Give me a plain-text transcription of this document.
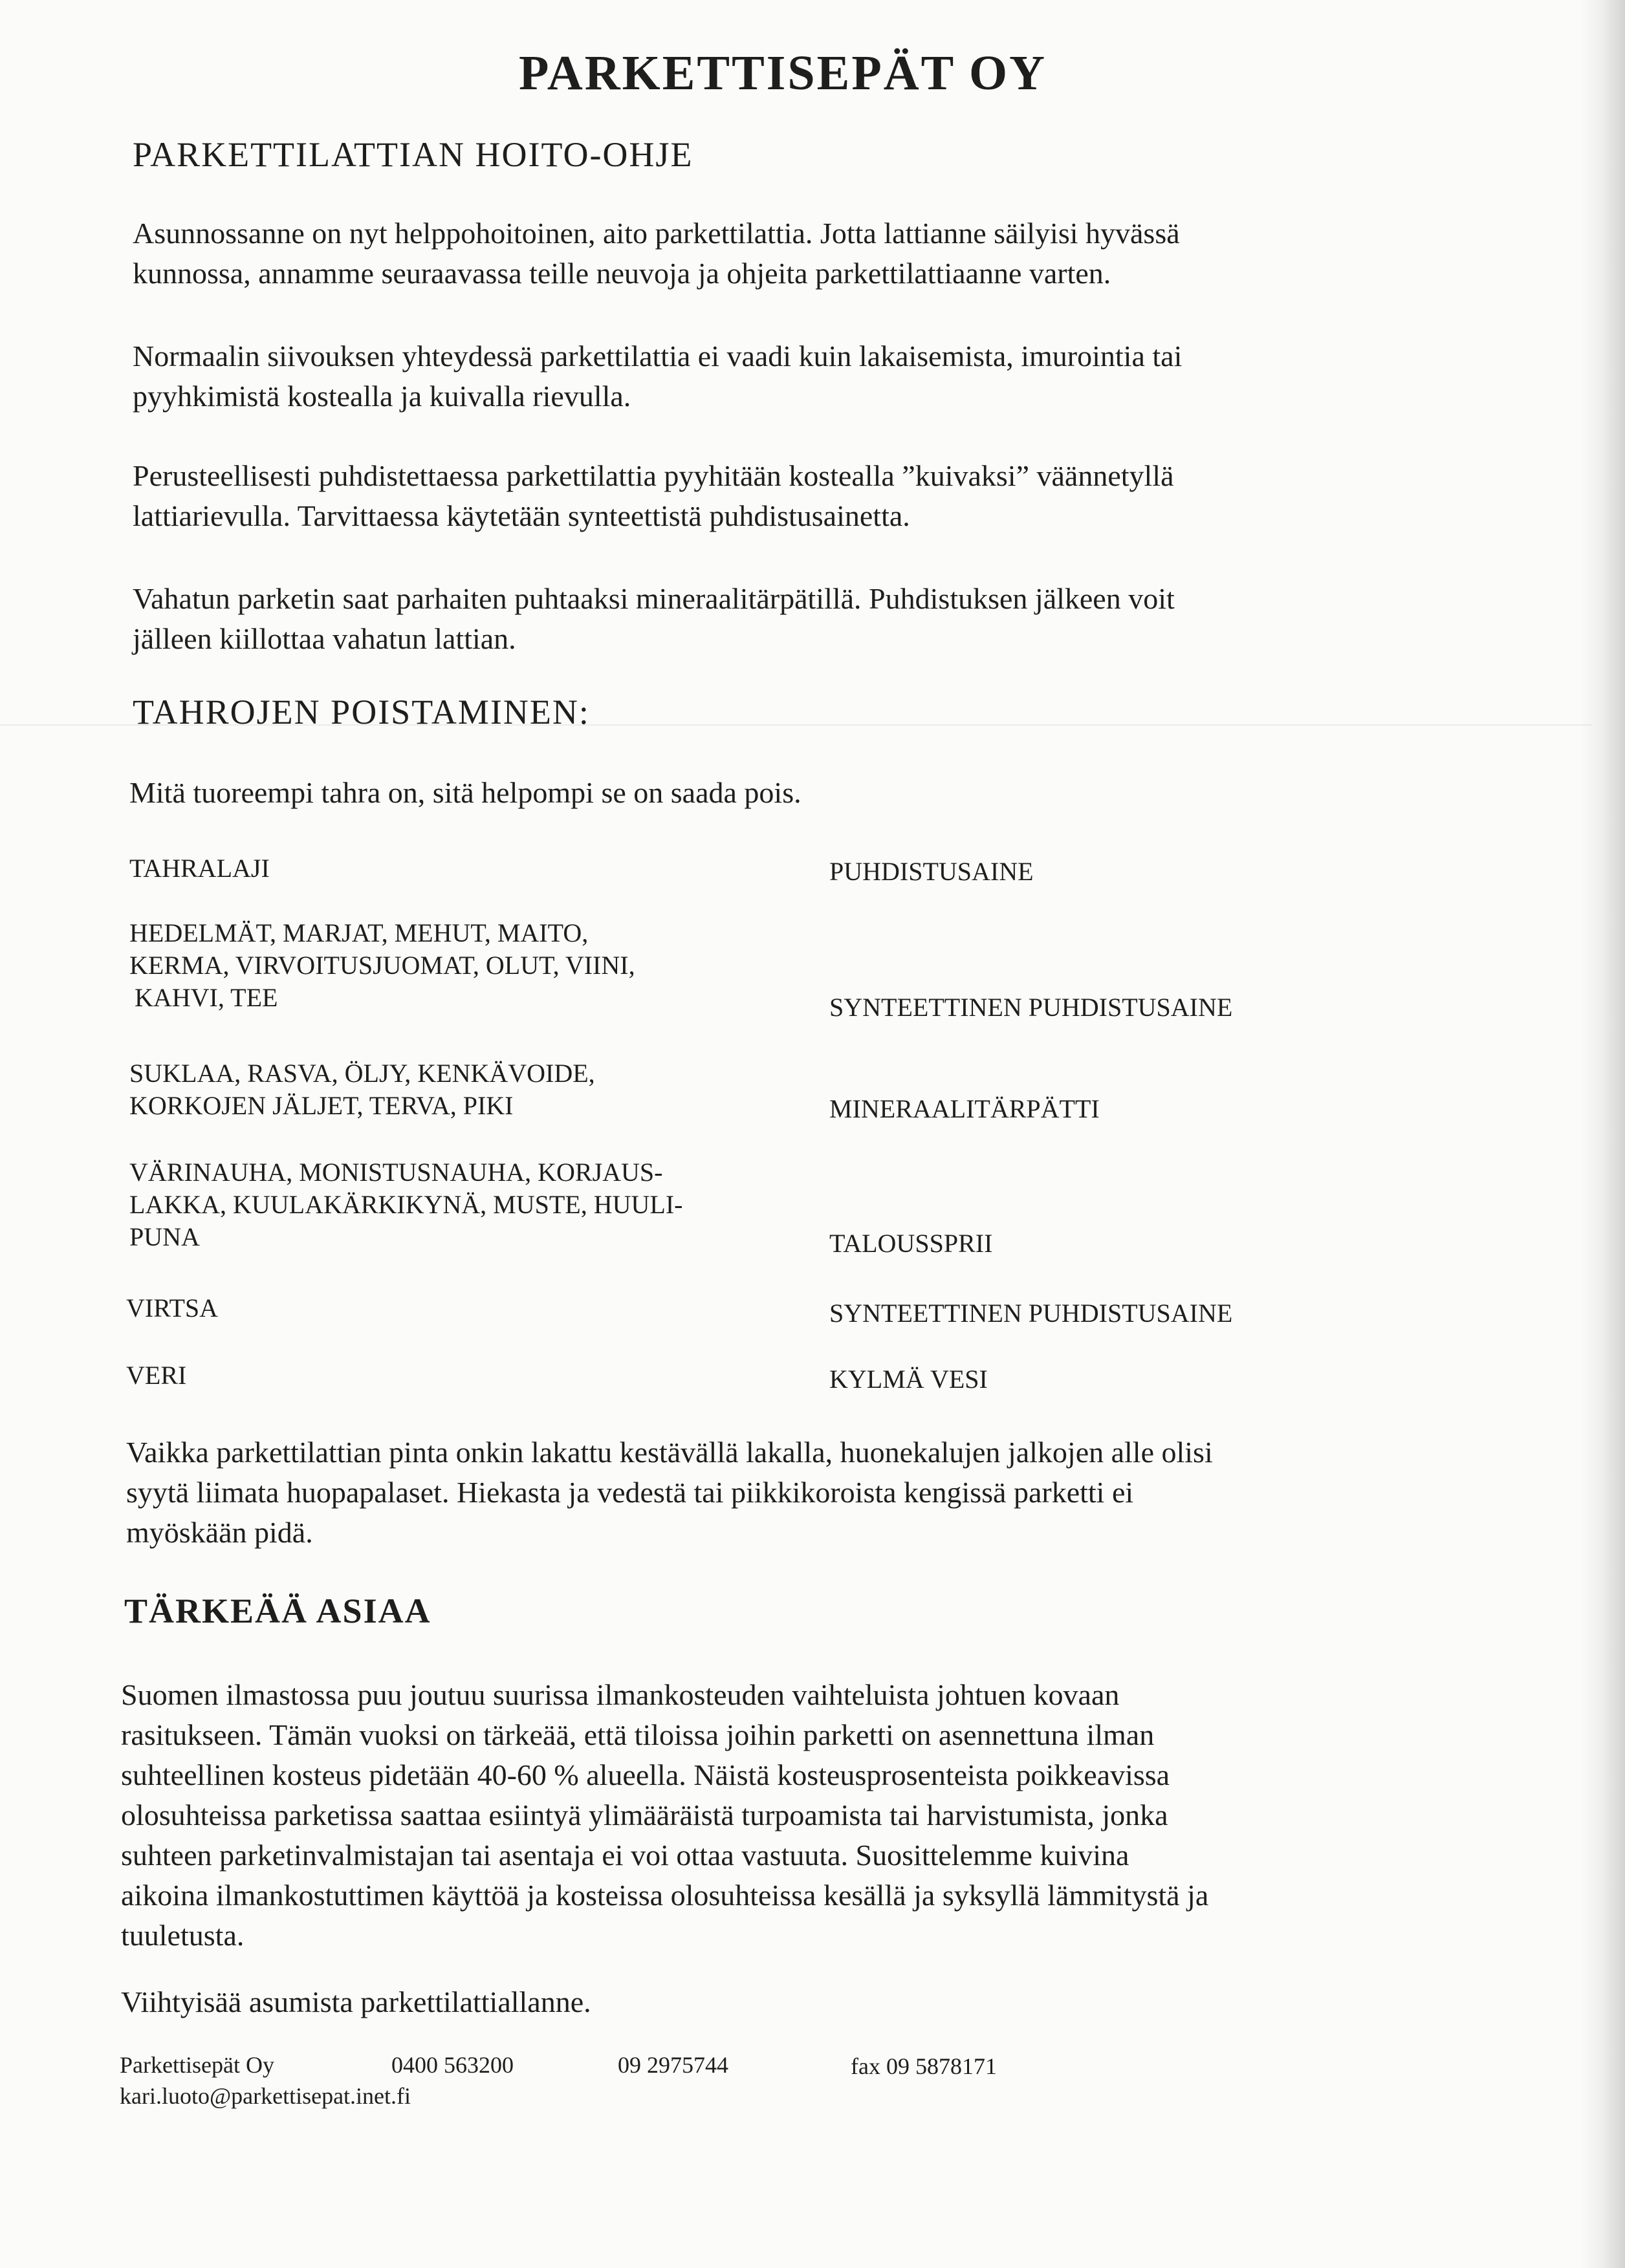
PARKETTISEPÄT OY
PARKETTILATTIAN HOITO-OHJE
Asunnossanne on nyt helppohoitoinen, aito parkettilattia. Jotta lattianne säilyisi hyvässä
kunnossa, annamme seuraavassa teille neuvoja ja ohjeita parkettilattiaanne varten.
Normaalin siivouksen yhteydessä parkettilattia ei vaadi kuin lakaisemista, imurointia tai
pyyhkimistä kostealla ja kuivalla rievulla.
Perusteellisesti puhdistettaessa parkettilattia pyyhitään kostealla ”kuivaksi” väännetyllä
lattiarievulla. Tarvittaessa käytetään synteettistä puhdistusainetta.
Vahatun parketin saat parhaiten puhtaaksi mineraalitärpätillä. Puhdistuksen jälkeen voit
jälleen kiillottaa vahatun lattian.
TAHROJEN POISTAMINEN:
Mitä tuoreempi tahra on, sitä helpompi se on saada pois.
TAHRALAJI	PUHDISTUSAINE
HEDELMÄT, MARJAT, MEHUT, MAITO,
KERMA, VIRVOITUSJUOMAT, OLUT, VIINI,
KAHVI, TEE	SYNTEETTINEN PUHDISTUSAINE
SUKLAA, RASVA, ÖLJY, KENKÄVOIDE,
KORKOJEN JÄLJET, TERVA, PIKI	MINERAALITÄRPÄTTI
VÄRINAUHA, MONISTUSNAUHA, KORJAUS-
LAKKA, KUULAKÄRKIKYNÄ, MUSTE, HUULI-
PUNA	TALOUSSPRII
VIRTSA	SYNTEETTINEN PUHDISTUSAINE
VERI	KYLMÄ VESI
Vaikka parkettilattian pinta onkin lakattu kestävällä lakalla, huonekalujen jalkojen alle olisi
syytä liimata huopapalaset. Hiekasta ja vedestä tai piikkikoroista kengissä parketti ei
myöskään pidä.
TÄRKEÄÄ ASIAA
Suomen ilmastossa puu joutuu suurissa ilmankosteuden vaihteluista johtuen kovaan
rasitukseen. Tämän vuoksi on tärkeää, että tiloissa joihin parketti on asennettuna ilman
suhteellinen kosteus pidetään 40-60 % alueella. Näistä kosteusprosenteista poikkeavissa
olosuhteissa parketissa saattaa esiintyä ylimääräistä turpoamista tai harvistumista, jonka
suhteen parketinvalmistajan tai asentaja ei voi ottaa vastuuta. Suosittelemme kuivina
aikoina ilmankostuttimen käyttöä ja kosteissa olosuhteissa kesällä ja syksyllä lämmitystä ja
tuuletusta.
Viihtyisää asumista parkettilattiallanne.
Parkettisepät Oy	0400 563200	09 2975744	fax 09 5878171
kari.luoto@parkettisepat.inet.fi
